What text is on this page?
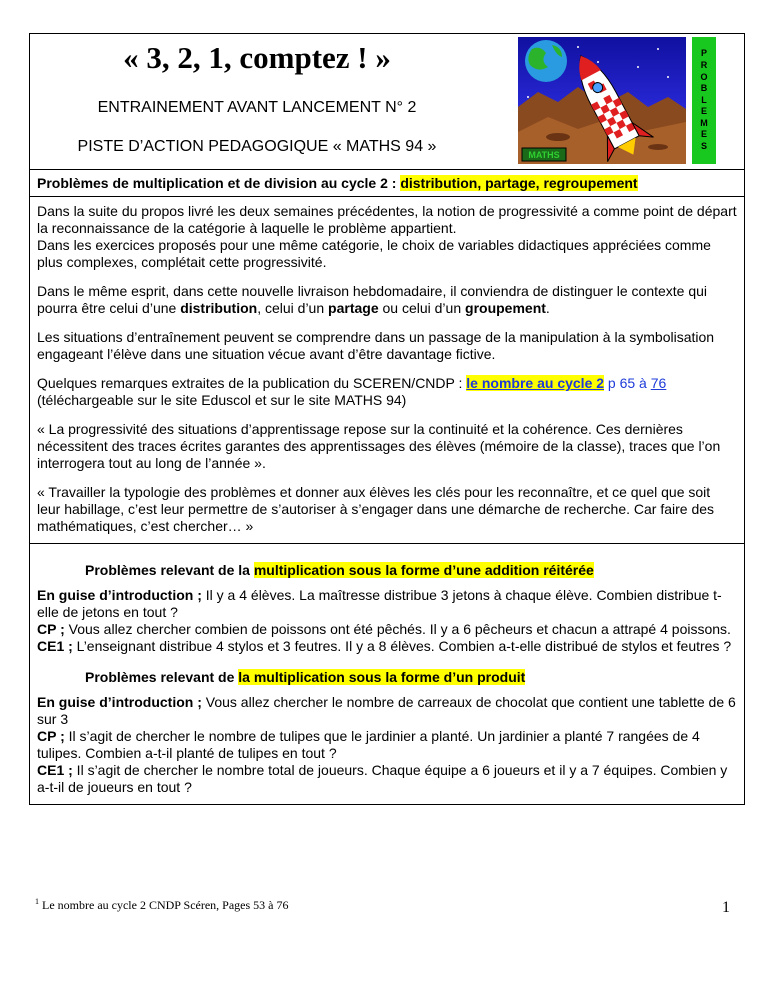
« 3, 2, 1, comptez ! »
ENTRAINEMENT AVANT LANCEMENT N° 2
PISTE D’ACTION PEDAGOGIQUE « MATHS 94 »	MATHS
P
R
O
B
L
E
M
E
S
Problèmes de multiplication et de division au cycle 2 : distribution, partage, regroupement

Dans la suite du propos livré les deux semaines précédentes, la notion de progressivité a comme point de départ la reconnaissance de la catégorie à laquelle le problème appartient.
Dans les exercices proposés pour une même catégorie, le choix de variables didactiques appréciées comme plus complexes, complétait cette progressivité.

Dans le même esprit, dans cette nouvelle livraison hebdomadaire, il conviendra de distinguer le contexte qui pourra être celui d’une distribution, celui d’un partage ou celui d’un groupement.

Les situations d’entraînement peuvent se comprendre dans un passage de la manipulation à la symbolisation engageant l’élève dans une situation vécue avant d’être davantage fictive.

Quelques remarques extraites de la publication du SCEREN/CNDP : le nombre au cycle 2 p 65 à 76 (téléchargeable sur le site Eduscol et sur le site MATHS 94)

« La progressivité des situations d’apprentissage repose sur la continuité et la cohérence. Ces dernières nécessitent des traces écrites garantes des apprentissages des élèves (mémoire de la classe), traces que l’on interrogera tout au long de l’année ».

« Travailler la typologie des problèmes et donner aux élèves les clés pour les reconnaître, et ce quel que soit leur habillage, c’est leur permettre de s’autoriser à s’engager dans une démarche de recherche. Car faire des mathématiques, c’est chercher… »

Problèmes relevant de la multiplication sous la forme d’une addition réitérée
En guise d’introduction ; Il y a 4 élèves. La maîtresse distribue 3 jetons à chaque élève. Combien distribue t-elle de jetons en tout ?
CP ; Vous allez chercher combien de poissons ont été pêchés. Il y a 6 pêcheurs et chacun a attrapé 4 poissons.
CE1 ; L’enseignant distribue 4 stylos et 3 feutres. Il y a 8 élèves. Combien a-t-elle distribué de stylos et feutres ?
Problèmes relevant de la multiplication sous la forme d’un produit
En guise d’introduction ; Vous allez chercher le nombre de carreaux de chocolat que contient une tablette de 6 sur 3
CP ; Il s’agit de chercher le nombre de tulipes que le jardinier a planté. Un jardinier a planté 7 rangées de 4 tulipes. Combien a-t-il planté de tulipes en tout ?
CE1 ; Il s’agit de chercher le nombre total de joueurs. Chaque équipe a 6 joueurs et il y a 7 équipes. Combien y a-t-il de joueurs en tout ?
$^1$ Le nombre au cycle 2 CNDP Scéren, Pages 53 à 76	1
